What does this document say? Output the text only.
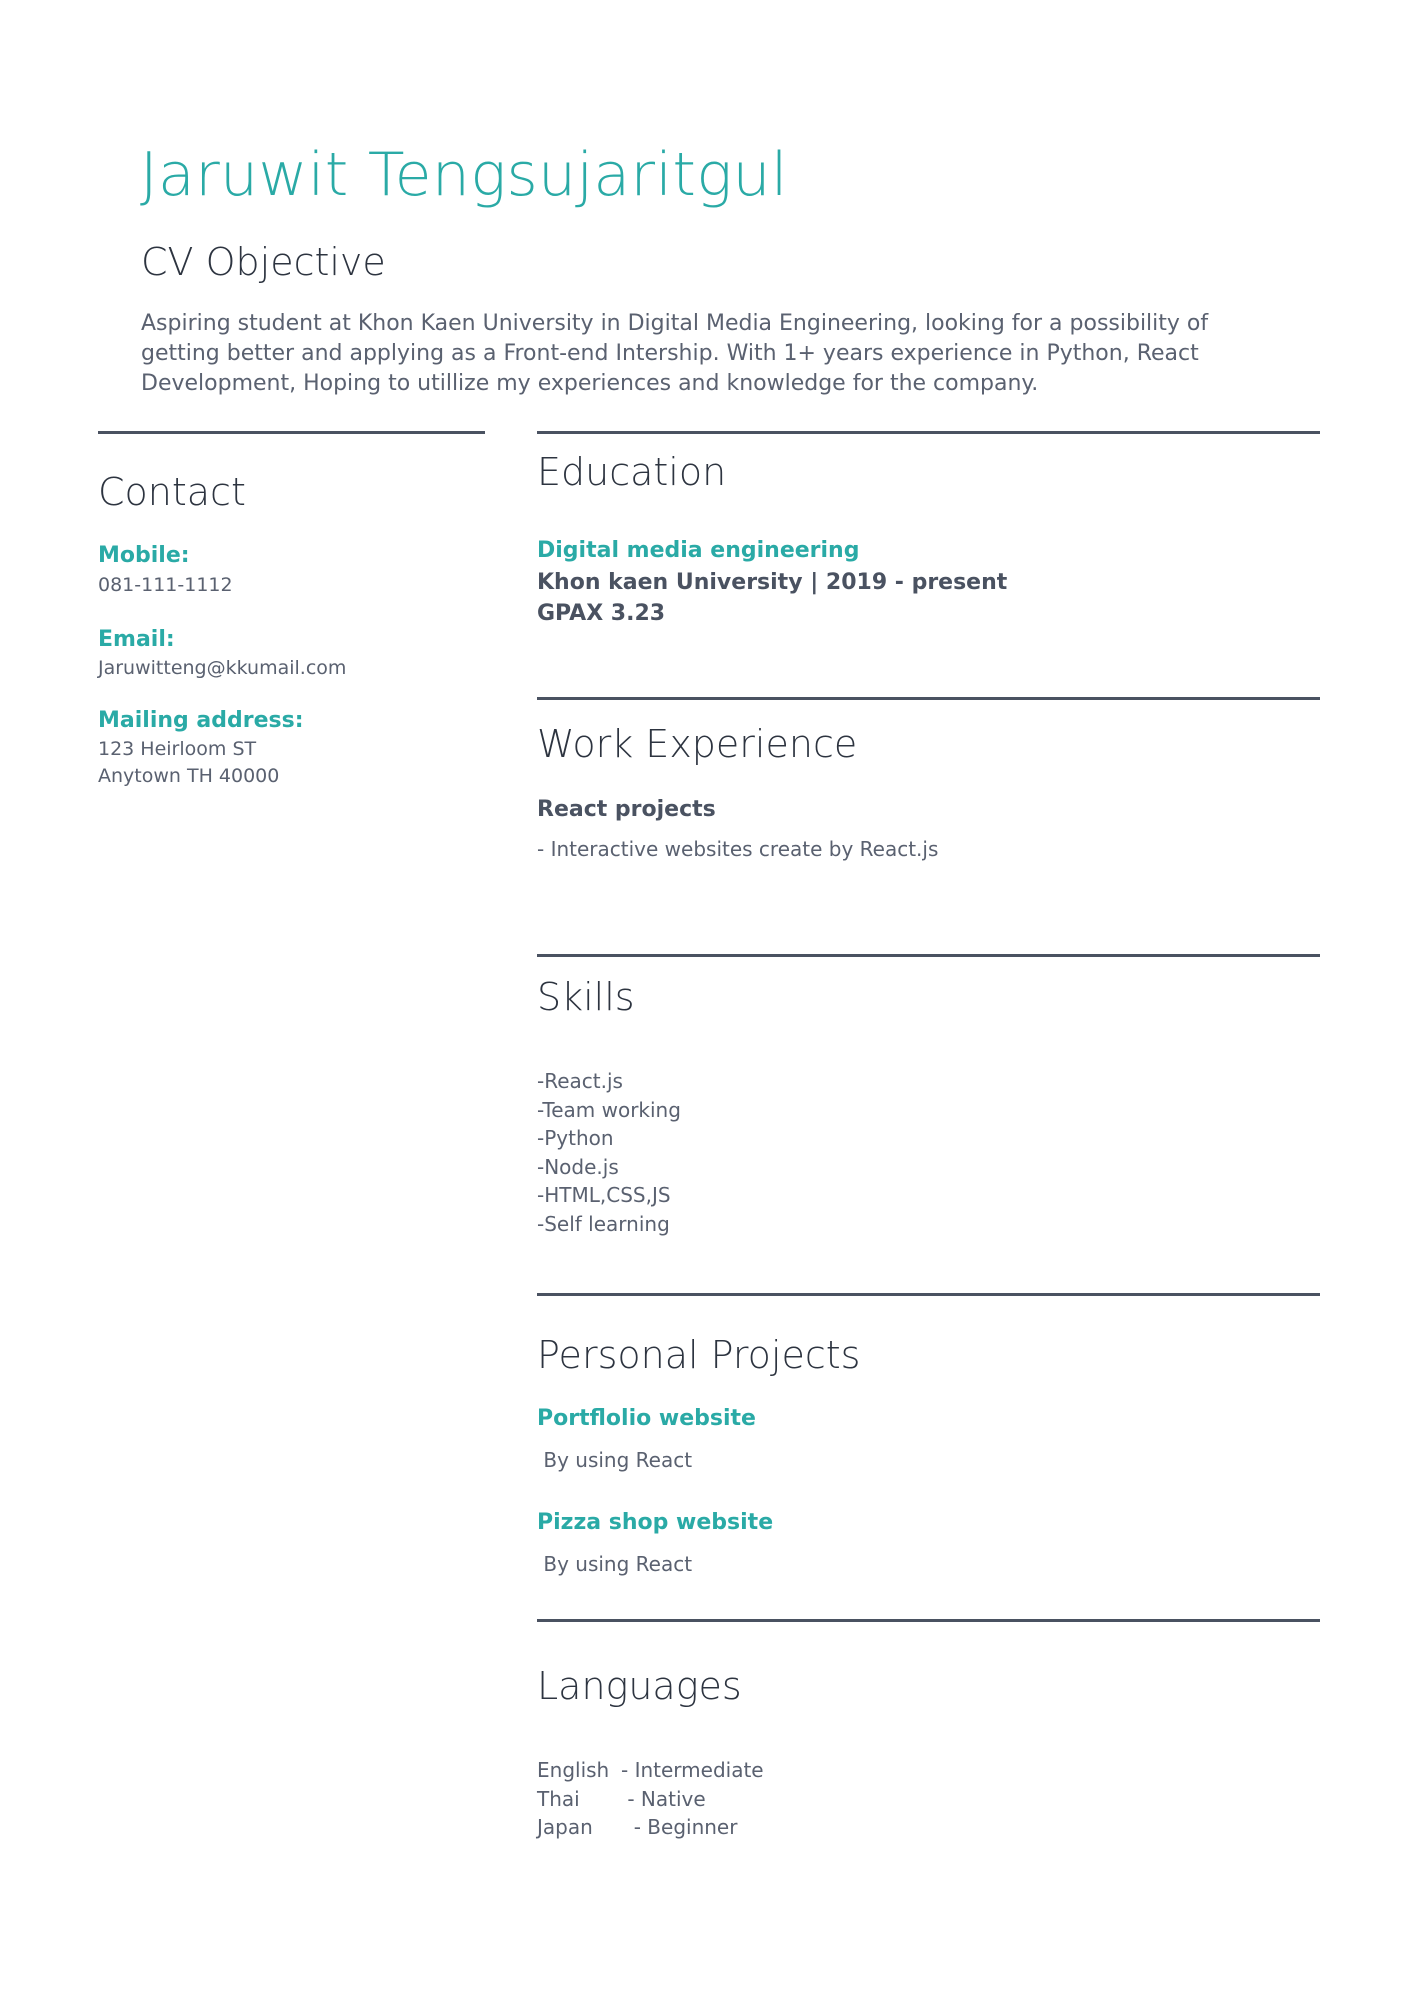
Jaruwit Tengsujaritgul
CV Objective
Aspiring student at Khon Kaen University in Digital Media Engineering, looking for a possibility of getting better and applying as a Front-end Intership. With 1+ years experience in Python, React Development, Hoping to utillize my experiences and knowledge for the company.
Contact
Mobile:
081-111-1112
Email:
Jaruwitteng@kkumail.com
Mailing address:
123 Heirloom ST
Anytown TH 40000
Education
Digital media engineering
Khon kaen University | 2019 - present
GPAX 3.23
Work Experience
React projects
- Interactive websites create by React.js
Skills
-React.js
-Team working
-Python
-Node.js
-HTML,CSS,JS
-Self learning
Personal Projects
Portflolio website
By using React
Pizza shop website
By using React
Languages
English - Intermediate
Thai	- Native
Japan	- Beginner
